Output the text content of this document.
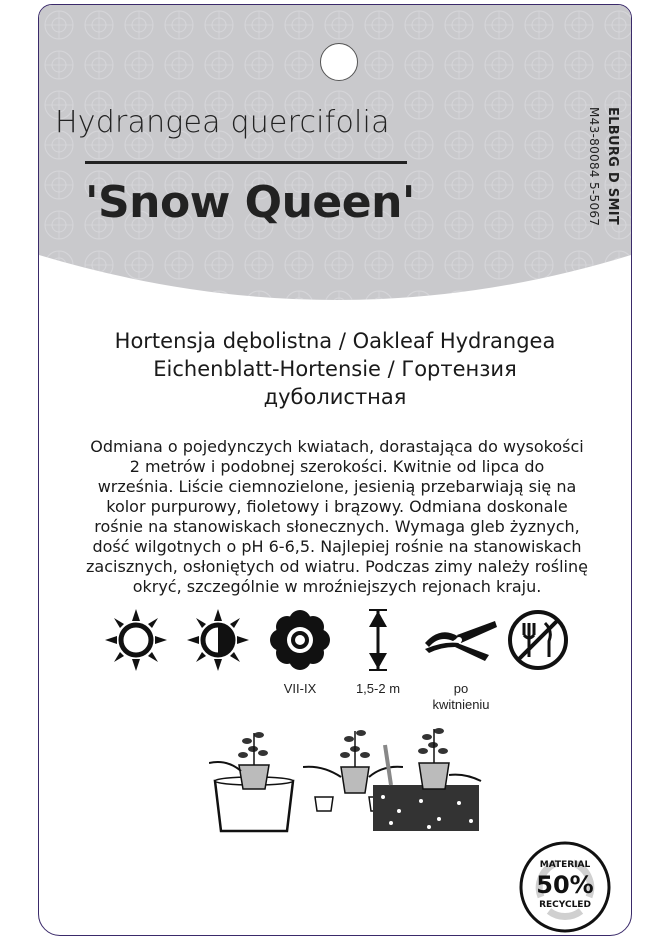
Hydrangea quercifolia
'Snow Queen'	ELBURG D SMIT
M43-80084 5-5067
Hortensja dębolistna / Oakleaf Hydrangea
Eichenblatt-Hortensie / Гортензия
дуболистная
Odmiana o pojedynczych kwiatach, dorastająca do wysokości
2 metrów i podobnej szerokości. Kwitnie od lipca do
września. Liście ciemnozielone, jesienią przebarwiają się na
kolor purpurowy, fioletowy i brązowy. Odmiana doskonale
rośnie na stanowiskach słonecznych. Wymaga gleb żyznych,
dość wilgotnych o pH 6-6,5. Najlepiej rośnie na stanowiskach
zacisznych, osłoniętych od wiatru. Podczas zimy należy roślinę
okryć, szczególnie w mroźniejszych rejonach kraju.
VII-IX	1,5-2 m	po
kwitnieniu
MATERIAL
50%
RECYCLED
